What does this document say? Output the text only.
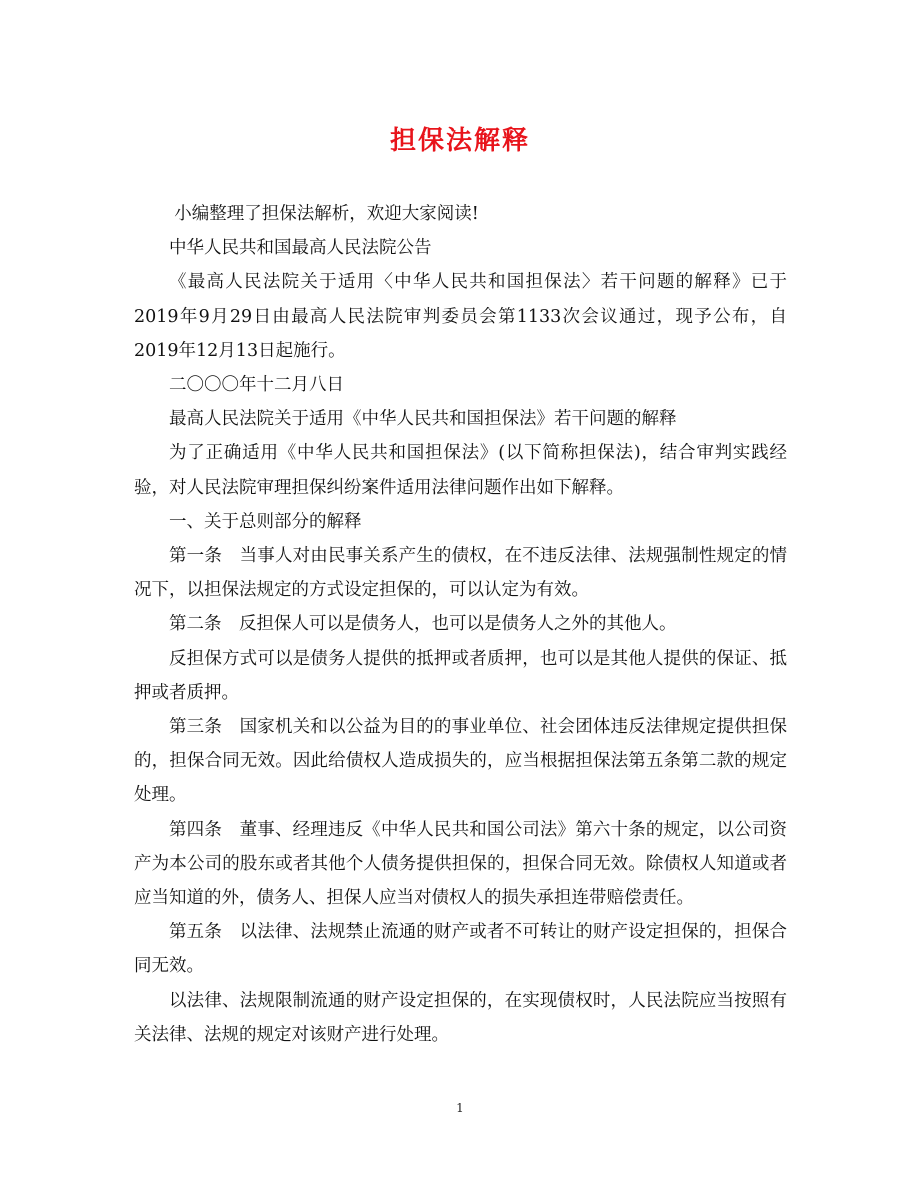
担保法解释

小编整理了担保法解析，欢迎大家阅读!

中华人民共和国最高人民法院公告

《最高人民法院关于适用〈中华人民共和国担保法〉若干问题的解释》已于2019年9月29日由最高人民法院审判委员会第1133次会议通过，现予公布，自2019年12月13日起施行。

二〇〇〇年十二月八日

最高人民法院关于适用《中华人民共和国担保法》若干问题的解释

为了正确适用《中华人民共和国担保法》(以下简称担保法)，结合审判实践经验，对人民法院审理担保纠纷案件适用法律问题作出如下解释。

一、关于总则部分的解释

第一条　当事人对由民事关系产生的债权，在不违反法律、法规强制性规定的情况下，以担保法规定的方式设定担保的，可以认定为有效。

第二条　反担保人可以是债务人，也可以是债务人之外的其他人。

反担保方式可以是债务人提供的抵押或者质押，也可以是其他人提供的保证、抵押或者质押。

第三条　国家机关和以公益为目的的事业单位、社会团体违反法律规定提供担保的，担保合同无效。因此给债权人造成损失的，应当根据担保法第五条第二款的规定处理。

第四条　董事、经理违反《中华人民共和国公司法》第六十条的规定，以公司资产为本公司的股东或者其他个人债务提供担保的，担保合同无效。除债权人知道或者应当知道的外，债务人、担保人应当对债权人的损失承担连带赔偿责任。

第五条　以法律、法规禁止流通的财产或者不可转让的财产设定担保的，担保合同无效。

以法律、法规限制流通的财产设定担保的，在实现债权时，人民法院应当按照有关法律、法规的规定对该财产进行处理。

1
